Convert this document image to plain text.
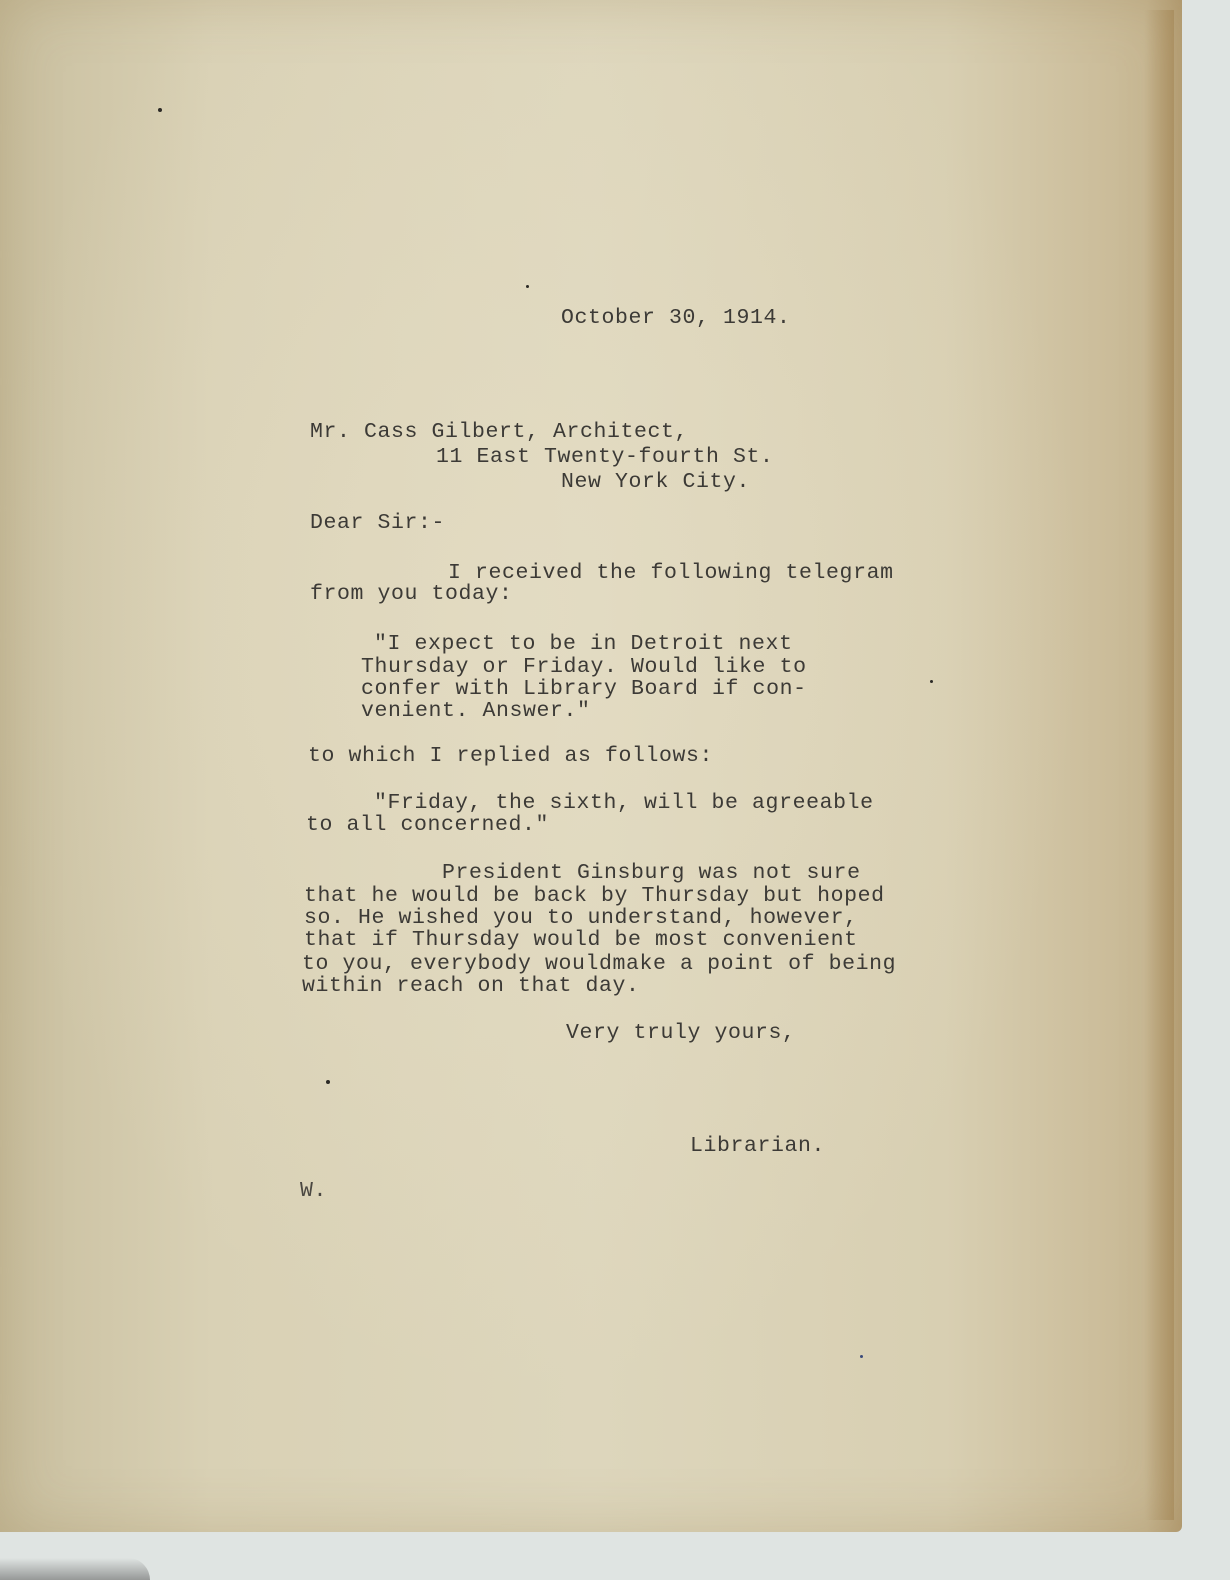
October 30, 1914.

Mr. Cass Gilbert, Architect,

11 East Twenty-fourth St.

New York City.

Dear Sir:-

I received the following telegram

from you today:

"I expect to be in Detroit next

Thursday or Friday. Would like to

confer with Library Board if con-

venient. Answer."

to which I replied as follows:

"Friday, the sixth, will be agreeable

to all concerned."

President Ginsburg was not sure

that he would be back by Thursday but hoped

so. He wished you to understand, however,

that if Thursday would be most convenient

to you, everybody wouldmake a point of being

within reach on that day.

Very truly yours,

Librarian.

W.
